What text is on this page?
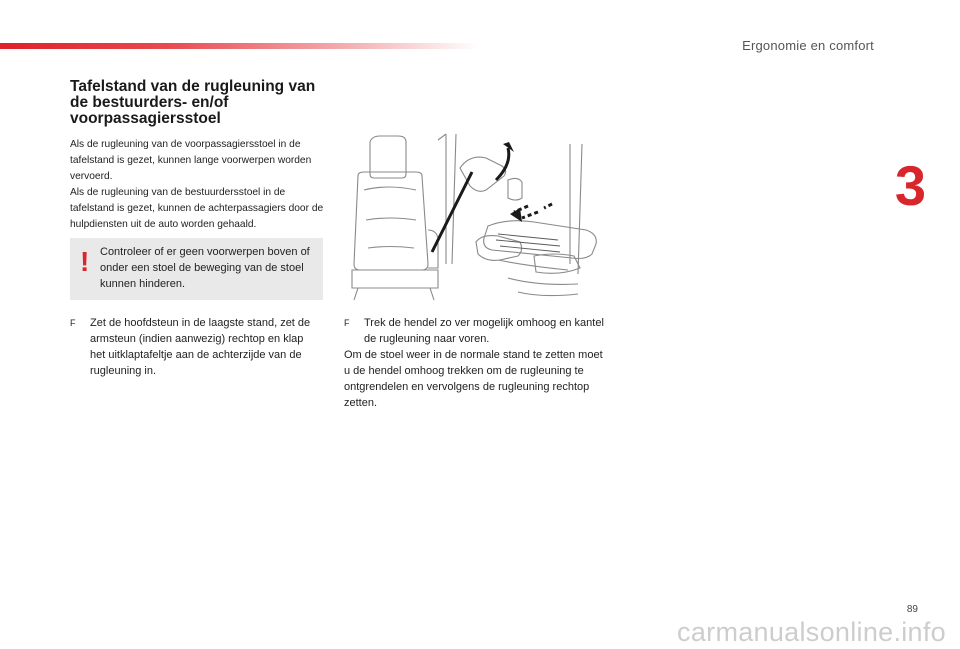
Ergonomie en comfort
3
Tafelstand van de rugleuning van de bestuurders- en/of voorpassagiersstoel

Als de rugleuning van de voorpassagiersstoel in de tafelstand is gezet, kunnen lange voorwerpen worden vervoerd.

Als de rugleuning van de bestuurdersstoel in de tafelstand is gezet, kunnen de achterpassagiers door de hulpdiensten uit de auto worden gehaald.

! Controleer of er geen voorwerpen boven of onder een stoel de beweging van de stoel kunnen hinderen.
F	Zet de hoofdsteun in de laagste stand, zet de armsteun (indien aanwezig) rechtop en klap het uitklaptafeltje aan de achterzijde van de rugleuning in.
F	Trek de hendel zo ver mogelijk omhoog en kantel de rugleuning naar voren.

Om de stoel weer in de normale stand te zetten moet u de hendel omhoog trekken om de rugleuning te ontgrendelen en vervolgens de rugleuning rechtop zetten.

89
carmanualsonline.info
